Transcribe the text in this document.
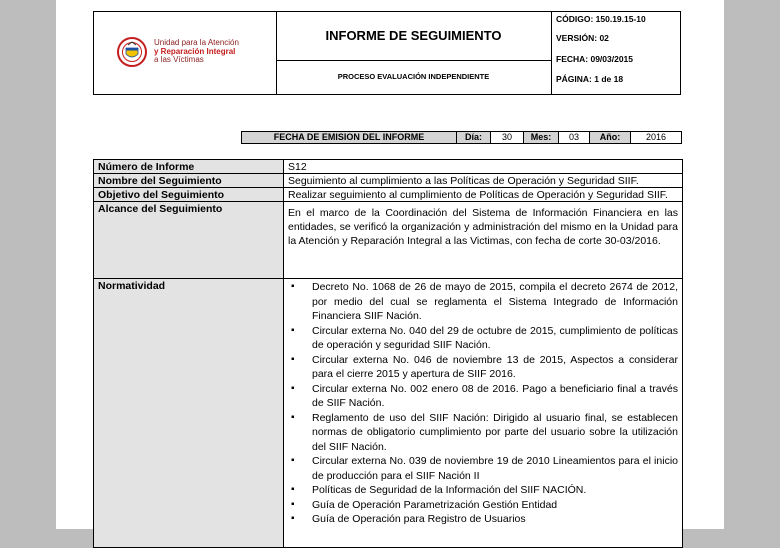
Unidad para la Atención
y Reparación Integral
a las Víctimas
INFORME DE SEGUIMIENTO
PROCESO EVALUACIÓN INDEPENDIENTE
CÓDIGO: 150.19.15-10
VERSIÓN: 02
FECHA: 09/03/2015
PÁGINA: 1 de 18
FECHA DE EMISION DEL INFORME	Día:	30	Mes:	03	Año:	2016
Número de Informe	S12
Nombre del Seguimiento	Seguimiento al cumplimiento a las Políticas de Operación y Seguridad SIIF.
Objetivo del Seguimiento	Realizar seguimiento al cumplimiento de Políticas de Operación y Seguridad SIIF.
Alcance del Seguimiento	En el marco de la Coordinación del Sistema de Información Financiera en las entidades, se verificó la organización y administración del mismo en la Unidad para la Atención y Reparación Integral a las Victimas, con fecha de corte 30-03/2016.
Normatividad
▪	Decreto No. 1068 de 26 de mayo de 2015, compila el decreto 2674 de 2012, por medio del cual se reglamenta el Sistema Integrado de Información Financiera SIIF Nación.
▪ Circular externa No. 040 del 29 de octubre de 2015, cumplimiento de políticas de operación y seguridad SIIF Nación.
▪ Circular externa No. 046 de noviembre 13 de 2015, Aspectos a considerar para el cierre 2015 y apertura de SIIF 2016.
▪ Circular externa No. 002 enero 08 de 2016. Pago a beneficiario final a través de SIIF Nación.
▪ Reglamento de uso del SIIF Nación: Dirigido al usuario final, se establecen normas de obligatorio cumplimiento por parte del usuario sobre la utilización del SIIF Nación.
▪ Circular externa No. 039 de noviembre 19 de 2010 Lineamientos para el inicio de producción para el SIIF Nación II
▪ Políticas de Seguridad de la Información del SIIF NACIÓN.
▪ Guía de Operación Parametrización Gestión Entidad
▪ Guía de Operación para Registro de Usuarios
